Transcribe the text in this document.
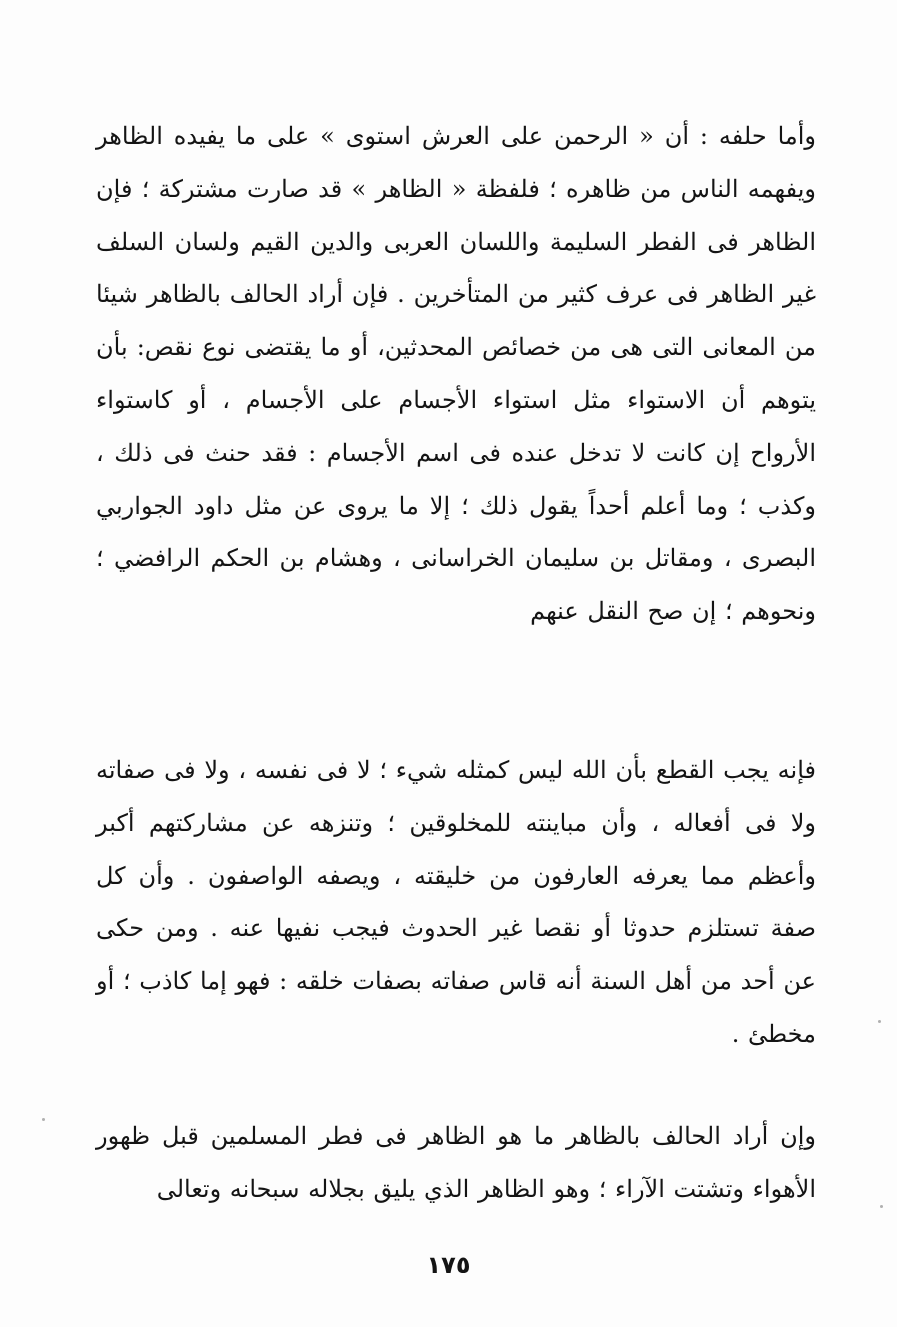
وأما حلفه : أن « الرحمن على العرش استوى » على ما يفيده الظاهر ويفهمه الناس من ظاهره ؛ فلفظة « الظاهر » قد صارت مشتركة ؛ فإن الظاهر فى الفطر السليمة واللسان العربى والدين القيم ولسان السلف غير الظاهر فى عرف كثير من المتأخرين . فإن أراد الحالف بالظاهر شيئا من المعانى التى هى من خصائص المحدثين، أو ما يقتضى نوع نقص: بأن يتوهم أن الاستواء مثل استواء الأجسام على الأجسام ، أو كاستواء الأرواح إن كانت لا تدخل عنده فى اسم الأجسام : فقد حنث فى ذلك ، وكذب ؛ وما أعلم أحداً يقول ذلك ؛ إلا ما يروى عن مثل داود الجواربي البصرى ، ومقاتل بن سليمان الخراسانى ، وهشام بن الحكم الرافضي ؛ ونحوهم ؛ إن صح النقل عنهم
فإنه يجب القطع بأن الله ليس كمثله شيء ؛ لا فى نفسه ، ولا فى صفاته ولا فى أفعاله ، وأن مباينته للمخلوقين ؛ وتنزهه عن مشاركتهم أكبر وأعظم مما يعرفه العارفون من خليقته ، ويصفه الواصفون . وأن كل صفة تستلزم حدوثا أو نقصا غير الحدوث فيجب نفيها عنه . ومن حكى عن أحد من أهل السنة أنه قاس صفاته بصفات خلقه : فهو إما كاذب ؛ أو مخطئ .
وإن أراد الحالف بالظاهر ما هو الظاهر فى فطر المسلمين قبل ظهور الأهواء وتشتت الآراء ؛ وهو الظاهر الذي يليق بجلاله سبحانه وتعالى
١٧٥
